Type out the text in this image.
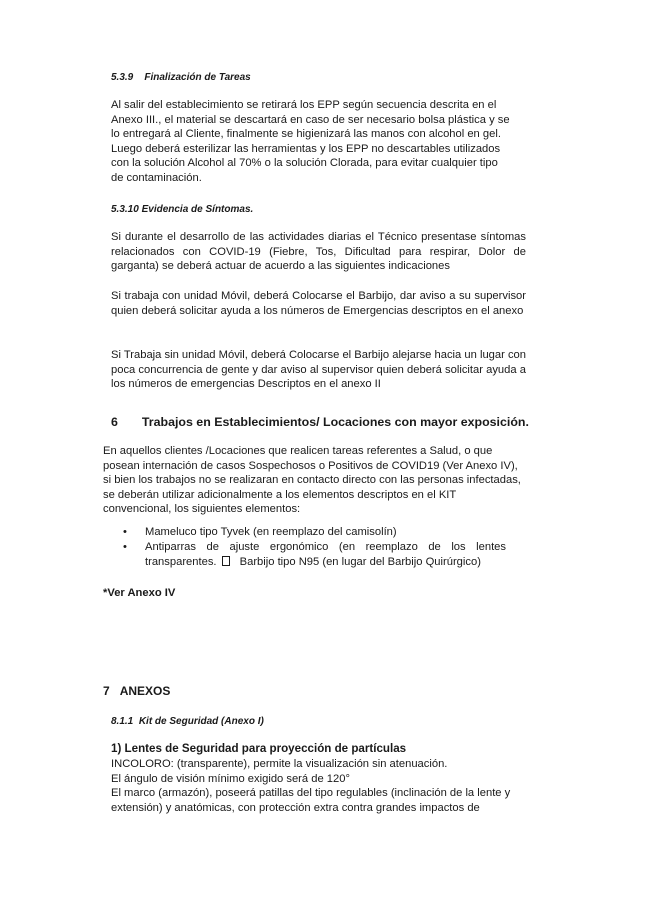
5.3.9 Finalización de Tareas
Al salir del establecimiento se retirará los EPP según secuencia descrita en el
Anexo III., el material se descartará en caso de ser necesario bolsa plástica y se
lo entregará al Cliente, finalmente se higienizará las manos con alcohol en gel.
Luego deberá esterilizar las herramientas y los EPP no descartables utilizados
con la solución Alcohol al 70% o la solución Clorada, para evitar cualquier tipo
de contaminación.
5.3.10 Evidencia de Síntomas.

Si durante el desarrollo de las actividades diarias el Técnico presentase síntomas relacionados con COVID-19 (Fiebre, Tos, Dificultad para respirar, Dolor de garganta) se deberá actuar de acuerdo a las siguientes indicaciones

Si trabaja con unidad Móvil, deberá Colocarse el Barbijo, dar aviso a su supervisor quien deberá solicitar ayuda a los números de Emergencias descriptos en el anexo

Si Trabaja sin unidad Móvil, deberá Colocarse el Barbijo alejarse hacia un lugar con poca concurrencia de gente y dar aviso al supervisor quien deberá solicitar ayuda a los números de emergencias Descriptos en el anexo II

6 Trabajos en Establecimientos/ Locaciones con mayor exposición.
En aquellos clientes /Locaciones que realicen tareas referentes a Salud, o que
posean internación de casos Sospechosos o Positivos de COVID19 (Ver Anexo IV),
si bien los trabajos no se realizaran en contacto directo con las personas infectadas,
se deberán utilizar adicionalmente a los elementos descriptos en el KIT
convencional, los siguientes elementos:
• Mameluco tipo Tyvek (en reemplazo del camisolín)
• Antiparras de ajuste ergonómico (en reemplazo de los lentes transparentes. Barbijo tipo N95 (en lugar del Barbijo Quirúrgico)
*Ver Anexo IV
7 ANEXOS
8.1.1 Kit de Seguridad (Anexo I)
1) Lentes de Seguridad para proyección de partículas
INCOLORO: (transparente), permite la visualización sin atenuación.
El ángulo de visión mínimo exigido será de 120°
El marco (armazón), poseerá patillas del tipo regulables (inclinación de la lente y
extensión) y anatómicas, con protección extra contra grandes impactos de
